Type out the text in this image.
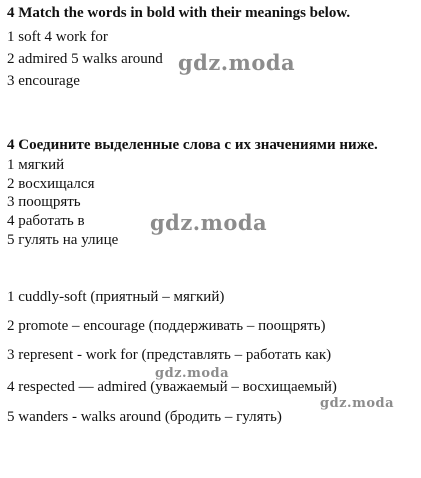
4 Match the words in bold with their meanings below.
1 soft 4 work for
2 admired 5 walks around
3 encourage
4 Соедините выделенные слова с их значениями ниже.
1 мягкий
2 восхищался
3 поощрять
4 работать в
5 гулять на улице
1 cuddly-soft (приятный – мягкий)
2 promote – encourage (поддерживать – поощрять)
3 represent - work for (представлять – работать как)
4 respected — admired (уважаемый – восхищаемый)
5 wanders - walks around (бродить – гулять)
gdz.moda
gdz.moda
gdz.moda
gdz.moda
